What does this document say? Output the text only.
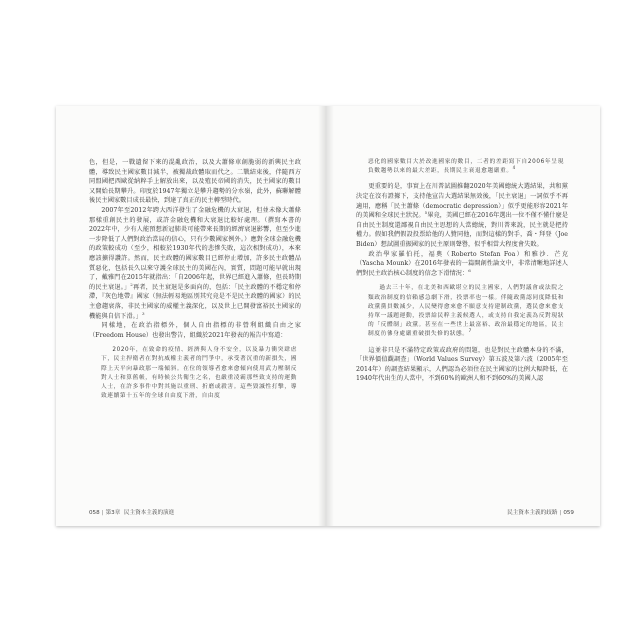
色，但是，一戰遺留下來的混亂政治，以及大蕭條車創脆弱的新興民主政體，導致民主國家數目減半，被獨裁政體取而代之。二戰結束後，伴隨西方同盟國把西歐從納粹手上解放出來，以及殖民帝國的消失，民主國家的數目又開始長期攀升。印度於1947年獨立是攀升趨勢的分水嶺，此外，蘇聯解體後民主國家數目成長最快，到達了真正的民主轉型時代。

2007年至2012年跨大西洋發生了金融危機的大衰退，但並未像大蕭條那樣重創民主的發展，或許金融危機和大衰退比較好處理。（撰寫本書的2022年中，少有人能預想新冠肺炎可能帶來長期的經濟衰退影響，但至少進一步降低了人們對政治當局的信心，只有少數國家例外。）應對全球金融危機的政策較成功（至少，相較於1930年代的悲慘失敗，這次相對成功），本來應該擴得讚許。然而，民主政體的國家數目已經停止增加，許多民主政體品質惡化，包括長久以來守護全球民主的美國在內，實質，問題可能早就出現了，戴雅門在2015年就指出：「自2006年起，世界已經進入蕭條，但長時期的民主衰退。」$^2$再者，民主衰退是多面向的，包括：「民主政體的不穩定和停滯，『灰色地帶』國家（無法輕易地區別其究竟是不是民主政體的國家）的民主愈趨衰落，非民主國家的威權主義深化，以及世上已開發富裕民主國家的機能與自信下滑。」$^3$

同樣地，在政治指標外，個人自由指標的非營利組織自由之家（Freedom House）也發出警告，組織於2021年發表的報告中寫道：

2020年，在致命的疫情、經濟與人身不安全，以及暴力衝突肆虐下，民主捍衛者在對抗威權主義者的鬥爭中，承受著沉重的新損失，國際上天平向暴政那一端傾斜。在位的領導者愈來愈傾向使用武力壓制反對人士和算舊帳，有時候公共衛生之名，也嚴重凌霸那些致支持的運動人士，在許多事件中對其施以重刑、折磨或殺害。這些毀滅性打擊，導致連續第十五年的全球自由度下滑，自由度

058 | 第3章 民主資本主義的演進

惡化的國家數目大於改進國家的數目，二者的差距寫下自2006年呈現負數趨勢以來的最大差距，長期民主衰退愈趨嚴重。$^4$

更重要的是，事實上在川普試圖推翻2020年美國總統大選結果，共和黨決定在沒有證據下，支持他宣告大選結果無效後，「民主衰退」一詞似乎不再適用，應稱「民主蕭條（democratic depression）」似乎更能形容2021年的美國和全球民主狀況。$^5$畢竟，美國已經在2016年選出一位不僅不懂什麼是自由民主制度還鄙視自由民主思想的人當總統，對川普來說，民主就是把持權力。假如我們假設投票給他的人贊同他，而對這樣的對手，喬・拜登（Joe Biden）想試圖重振國家的民主原則聲譽，似乎相當大程度會失敗。

政治學家羅伯托，福奧（Roberto Stefan Foa）和雅沙．芒克（Yascha Mounk）在2016年發表的一篇開創性論文中，非常清晰地詳述人們對民主政治核心制度的信念下滑情況：$^6$

過去三十年，在北美和西歐堪立的民主國家，人們對議會或法院之類政治制度的信賴感急劇下滑，投票率也一樣。伴隨政黨認同度降低和政黨黨員數減少，人民變得愈來愈不願意支持建制政黨，選民愈來愈支持單一議題運動，投票給民粹主義候選人，或支持自我定義為反對現狀的「反體制」政黨。甚至在一些世上最富裕、政治最穩定的地區，民主制度彷彿身處嚴重破損失修的狀態。$^7$

這並非只是不滿特定政策或政府的問題，也是對民主政體本身的不滿，「世界價值觀調查」（World Values Survey）第五波及第六波（2005年至2014年）的調查結果顯示，人們認為必須住在民主國家的比例大幅降低，在1940年代出生的人當中，不到60%的歐洲人和不到60%的美國人認

民主資本主義的歧路 | 059
